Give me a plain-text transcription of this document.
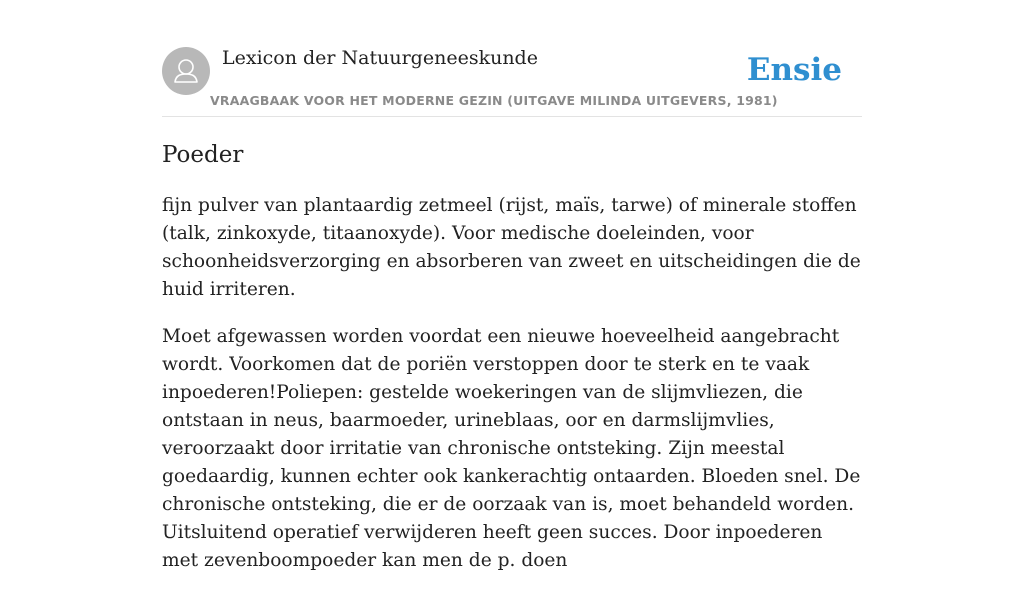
Lexicon der Natuurgeneeskunde
VRAAGBAAK VOOR HET MODERNE GEZIN (UITGAVE MILINDA UITGEVERS, 1981)
Ensie
Poeder

fijn pulver van plantaardig zetmeel (rijst, maïs, tarwe) of minerale stoffen (talk, zinkoxyde, titaanoxyde). Voor medische doeleinden, voor schoonheidsverzorging en absorberen van zweet en uitscheidingen die de huid irriteren.

Moet afgewassen worden voordat een nieuwe hoeveelheid aangebracht wordt. Voorkomen dat de poriën verstoppen door te sterk en te vaak inpoederen!Poliepen: gestelde woekeringen van de slijmvliezen, die ontstaan in neus, baarmoeder, urineblaas, oor en darmslijmvlies, veroorzaakt door irritatie van chronische ontsteking. Zijn meestal goedaardig, kunnen echter ook kankerachtig ontaarden. Bloeden snel. De chronische ontsteking, die er de oorzaak van is, moet behandeld worden. Uitsluitend operatief verwijderen heeft geen succes. Door inpoederen met zevenboompoeder kan men de p. doen
